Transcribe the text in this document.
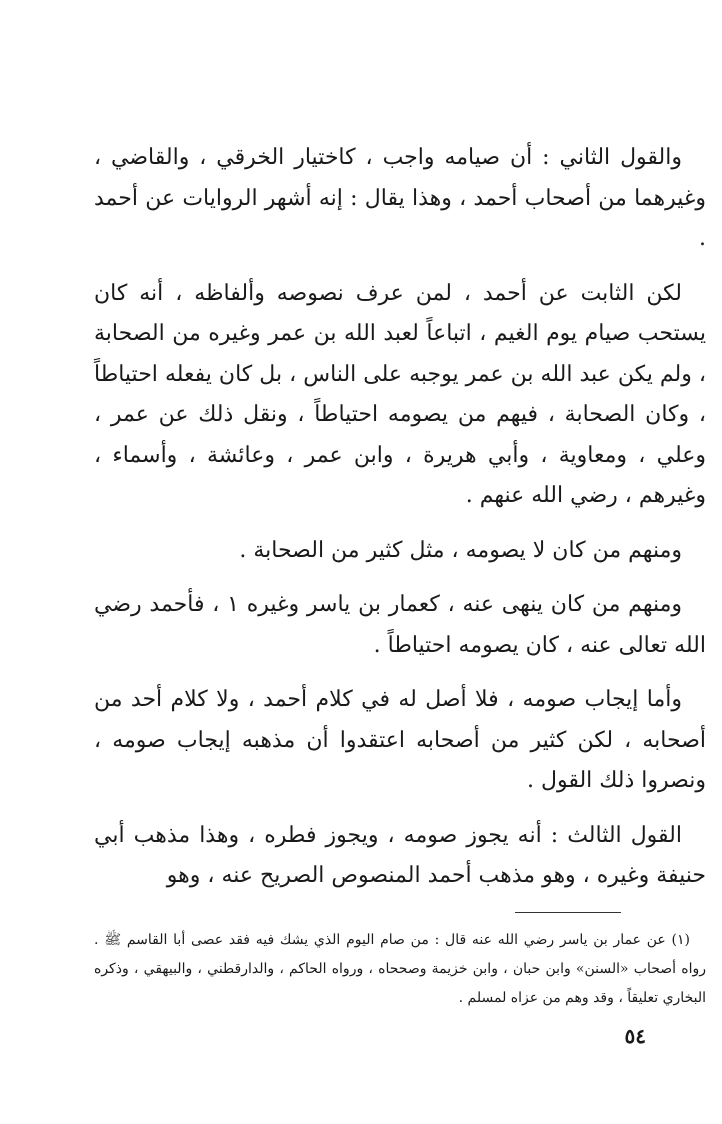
والقول الثاني : أن صيامه واجب ، كاختيار الخرقي ، والقاضي ، وغيرهما من أصحاب أحمد ، وهذا يقال : إنه أشهر الروايات عن أحمد .

لكن الثابت عن أحمد ، لمن عرف نصوصه وألفاظه ، أنه كان يستحب صيام يوم الغيم ، اتباعاً لعبد الله بن عمر وغيره من الصحابة ، ولم يكن عبد الله بن عمر يوجبه على الناس ، بل كان يفعله احتياطاً ، وكان الصحابة ، فيهم من يصومه احتياطاً ، ونقل ذلك عن عمر ، وعلي ، ومعاوية ، وأبي هريرة ، وابن عمر ، وعائشة ، وأسماء ، وغيرهم ، رضي الله عنهم .

ومنهم من كان لا يصومه ، مثل كثير من الصحابة .

ومنهم من كان ينهى عنه ، كعمار بن ياسر وغيره ١ ، فأحمد رضي الله تعالى عنه ، كان يصومه احتياطاً .

وأما إيجاب صومه ، فلا أصل له في كلام أحمد ، ولا كلام أحد من أصحابه ، لكن كثير من أصحابه اعتقدوا أن مذهبه إيجاب صومه ، ونصروا ذلك القول .

القول الثالث : أنه يجوز صومه ، ويجوز فطره ، وهذا مذهب أبي حنيفة وغيره ، وهو مذهب أحمد المنصوص الصريح عنه ، وهو

(١) عن عمار بن ياسر رضي الله عنه قال : من صام اليوم الذي يشك فيه فقد عصى أبا القاسم ﷺ . رواه أصحاب «السنن» وابن حبان ، وابن خزيمة وصححاه ، ورواه الحاكم ، والدارقطني ، والبيهقي ، وذكره البخاري تعليقاً ، وقد وهم من عزاه لمسلم .

٥٤
